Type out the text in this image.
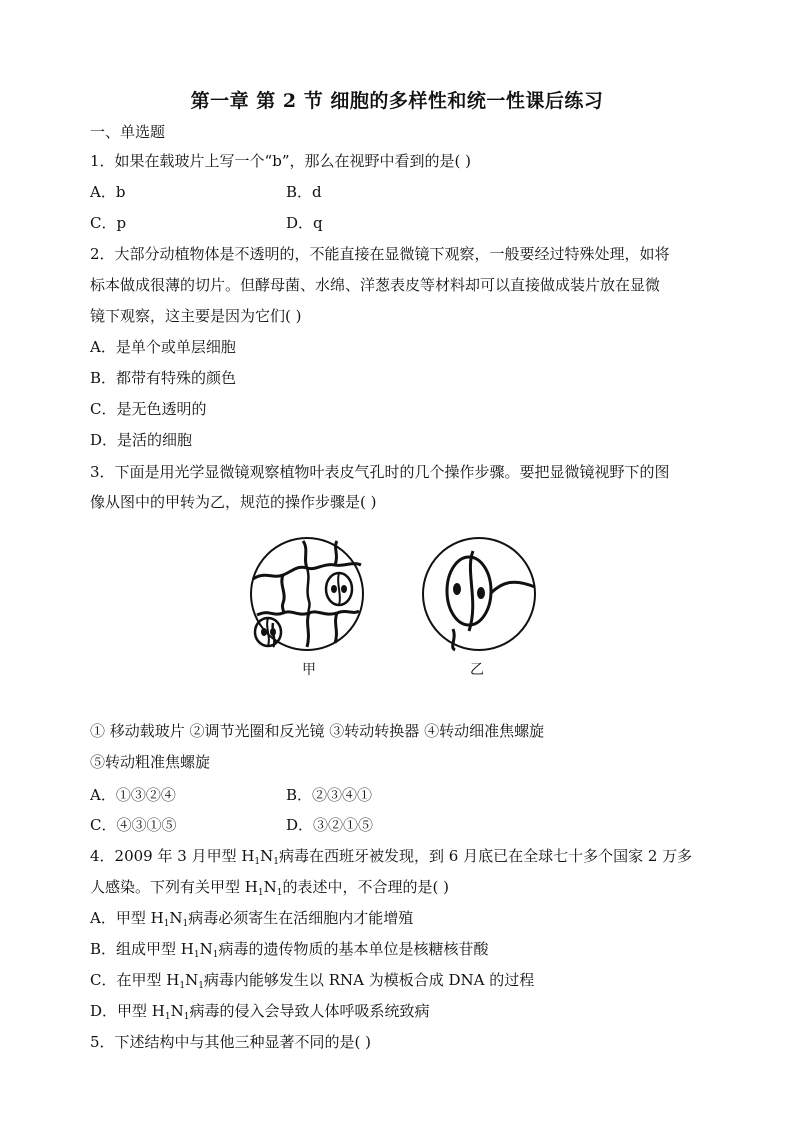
第一章 第 2 节 细胞的多样性和统一性课后练习
一、单选题
1．如果在载玻片上写一个“b”，那么在视野中看到的是( )
A．b	B．d
C．p	D．q
2．大部分动植物体是不透明的，不能直接在显微镜下观察，一般要经过特殊处理，如将
标本做成很薄的切片。但酵母菌、水绵、洋葱表皮等材料却可以直接做成装片放在显微
镜下观察，这主要是因为它们( )
A．是单个或单层细胞
B．都带有特殊的颜色
C．是无色透明的
D．是活的细胞
3．下面是用光学显微镜观察植物叶表皮气孔时的几个操作步骤。要把显微镜视野下的图
像从图中的甲转为乙，规范的操作步骤是( )
甲	乙
① 移动载玻片 ②调节光圈和反光镜 ③转动转换器 ④转动细准焦螺旋
⑤转动粗准焦螺旋
A．①③②④	B．②③④①
C．④③①⑤	D．③②①⑤
4．2009 年 3 月甲型 $H_1N_1$病毒在西班牙被发现，到 6 月底已在全球七十多个国家 2 万多
人感染。下列有关甲型 $H_1N_1$的表述中，不合理的是( )
A．甲型 $H_1N_1$病毒必须寄生在活细胞内才能增殖
B．组成甲型 $H_1N_1$病毒的遗传物质的基本单位是核糖核苷酸
C．在甲型 $H_1N_1$病毒内能够发生以 RNA 为模板合成 DNA 的过程
D．甲型 $H_1N_1$病毒的侵入会导致人体呼吸系统致病
5．下述结构中与其他三种显著不同的是( )
